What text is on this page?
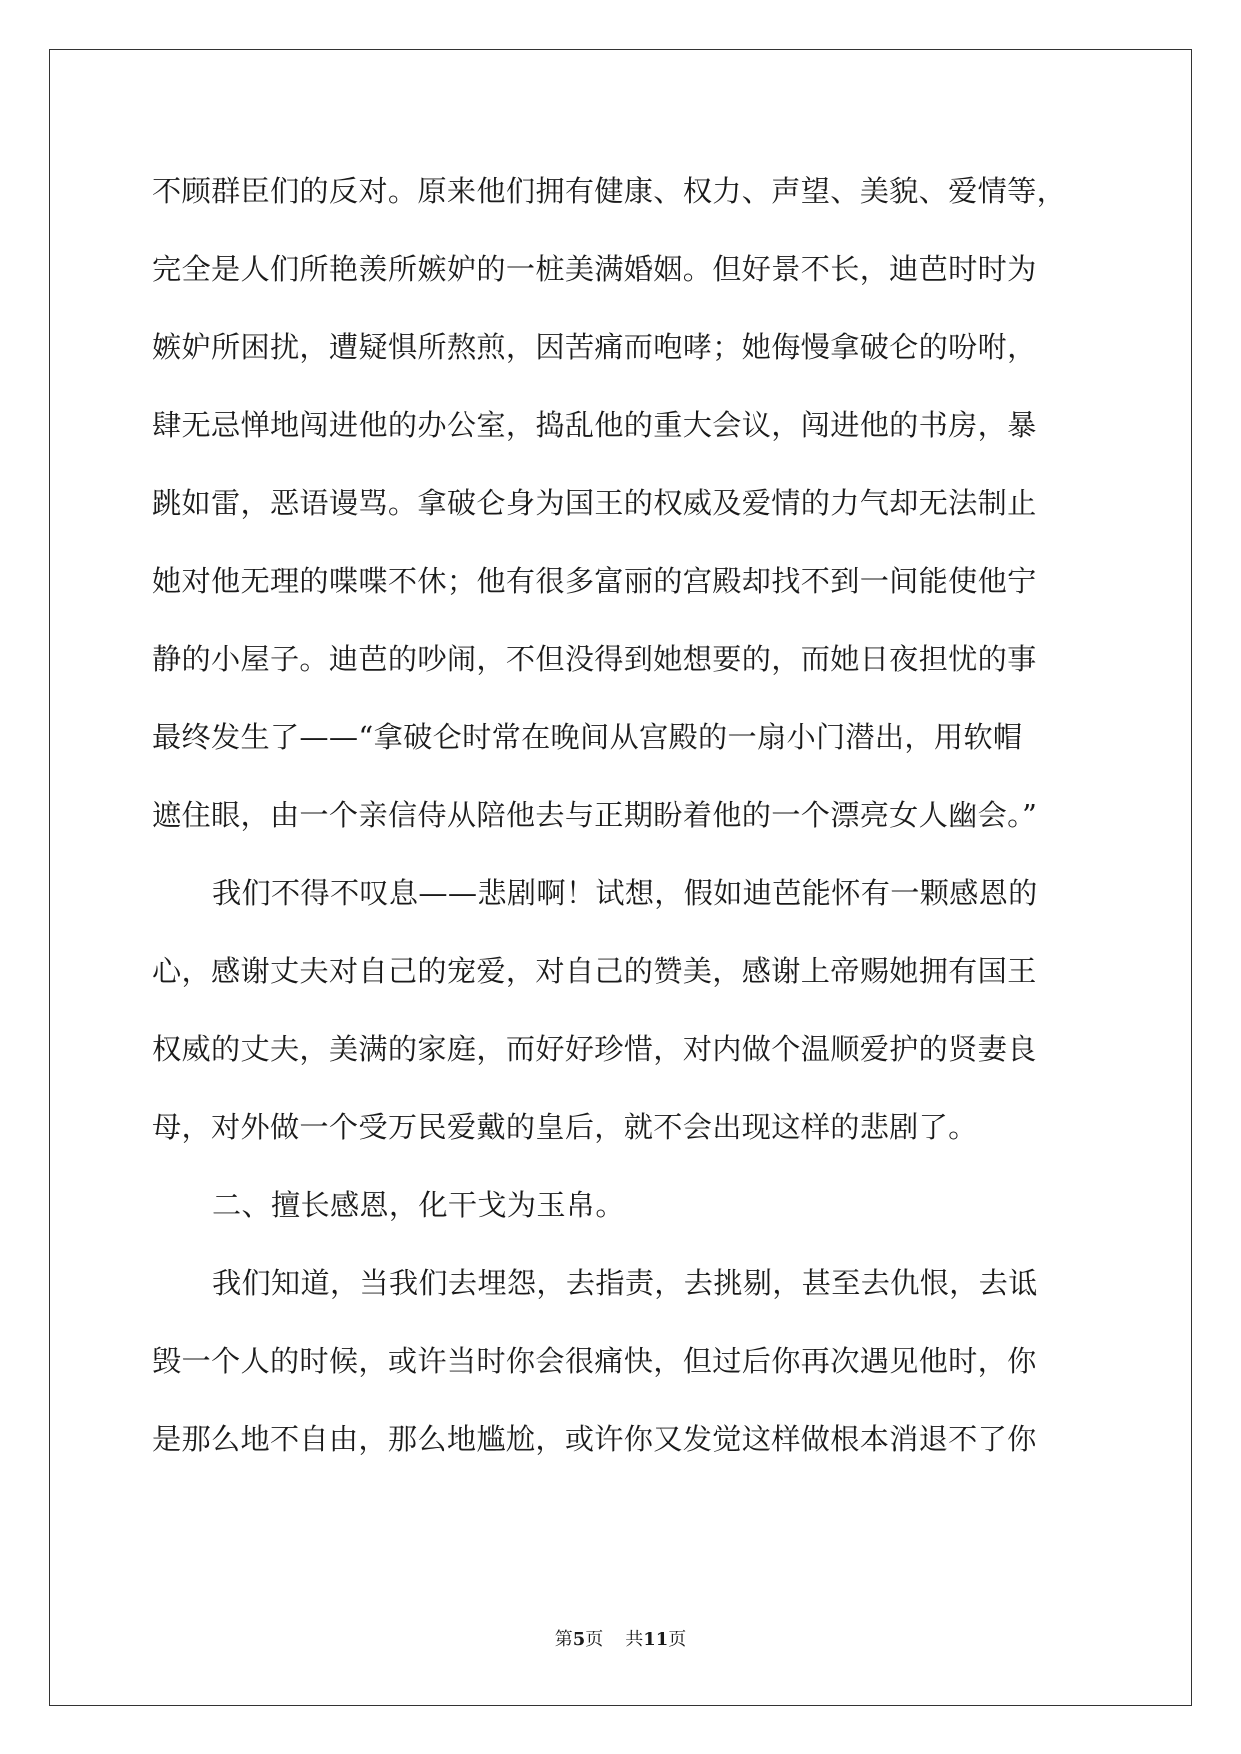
不顾群臣们的反对。原来他们拥有健康、权力、声望、美貌、爱情等，
完全是人们所艳羡所嫉妒的一桩美满婚姻。但好景不长，迪芭时时为
嫉妒所困扰，遭疑惧所熬煎，因苦痛而咆哮；她侮慢拿破仑的吩咐，
肆无忌惮地闯进他的办公室，捣乱他的重大会议，闯进他的书房，暴
跳如雷，恶语谩骂。拿破仑身为国王的权威及爱情的力气却无法制止
她对他无理的喋喋不休；他有很多富丽的宫殿却找不到一间能使他宁
静的小屋子。迪芭的吵闹，不但没得到她想要的，而她日夜担忧的事
最终发生了——“拿破仑时常在晚间从宫殿的一扇小门潜出，用软帽
遮住眼，由一个亲信侍从陪他去与正期盼着他的一个漂亮女人幽会。”
我们不得不叹息——悲剧啊！试想，假如迪芭能怀有一颗感恩的
心，感谢丈夫对自己的宠爱，对自己的赞美，感谢上帝赐她拥有国王
权威的丈夫，美满的家庭，而好好珍惜，对内做个温顺爱护的贤妻良
母，对外做一个受万民爱戴的皇后，就不会出现这样的悲剧了。
二、擅长感恩，化干戈为玉帛。
我们知道，当我们去埋怨，去指责，去挑剔，甚至去仇恨，去诋
毁一个人的时候，或许当时你会很痛快，但过后你再次遇见他时，你
是那么地不自由，那么地尴尬，或许你又发觉这样做根本消退不了你
第5页 共11页
